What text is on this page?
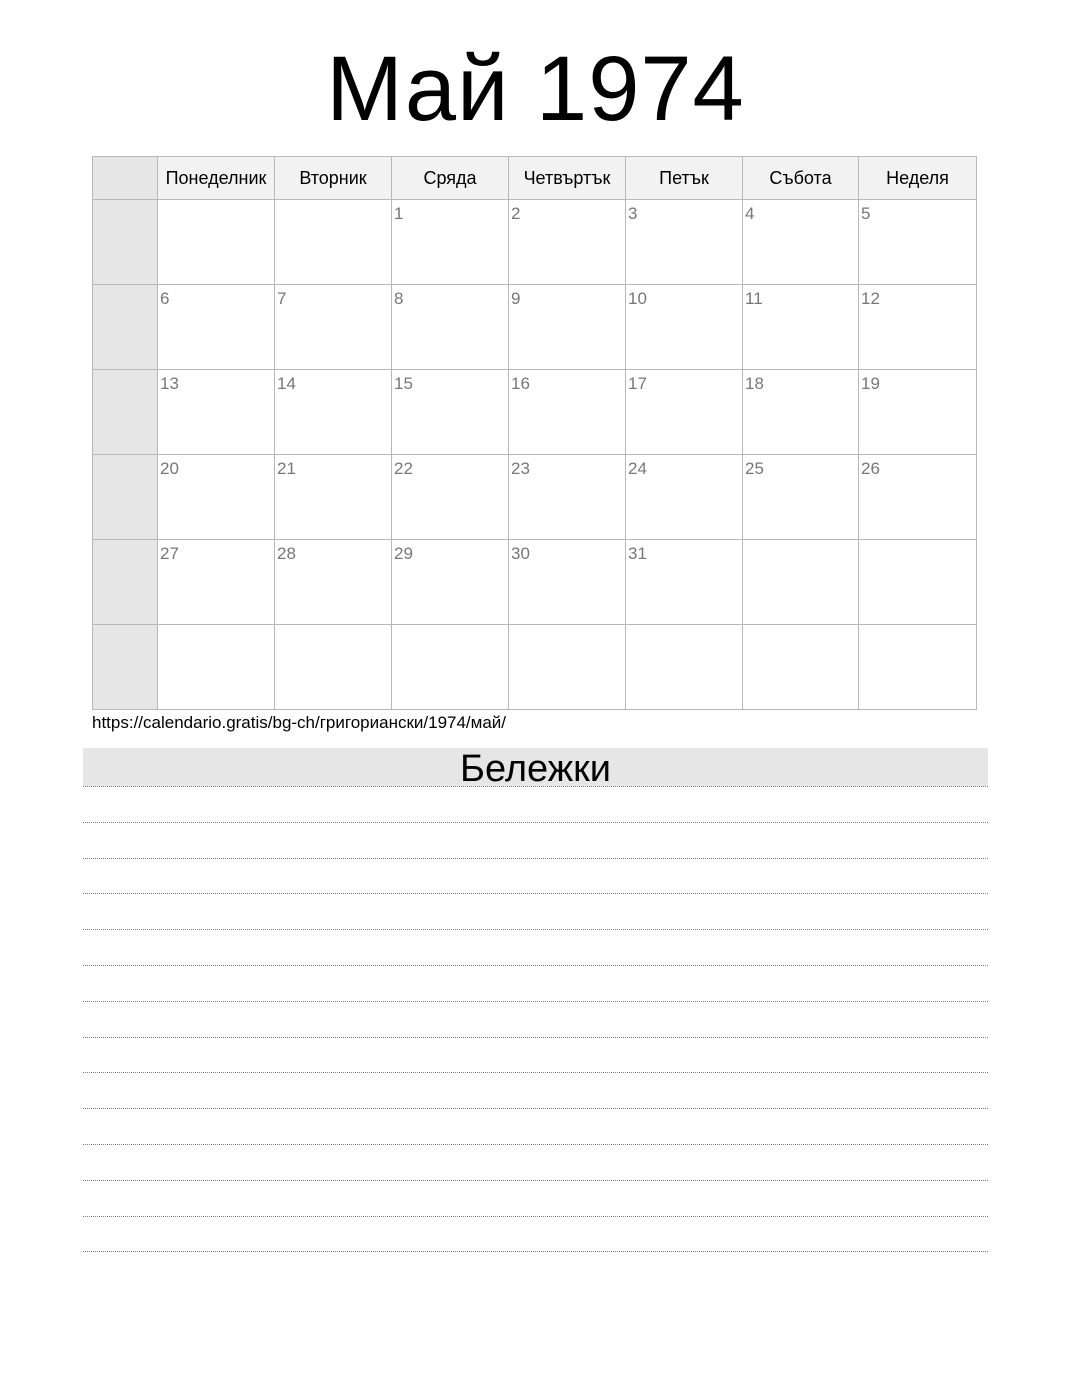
Май 1974
	Понеделник	Вторник	Сряда	Четвъртък	Петък	Събота	Неделя

			1	2	3	4	5

	6	7	8	9	10	11	12

	13	14	15	16	17	18	19

	20	21	22	23	24	25	26

	27	28	29	30	31		

https://calendario.gratis/bg-ch/григориански/1974/май/
Бележки
